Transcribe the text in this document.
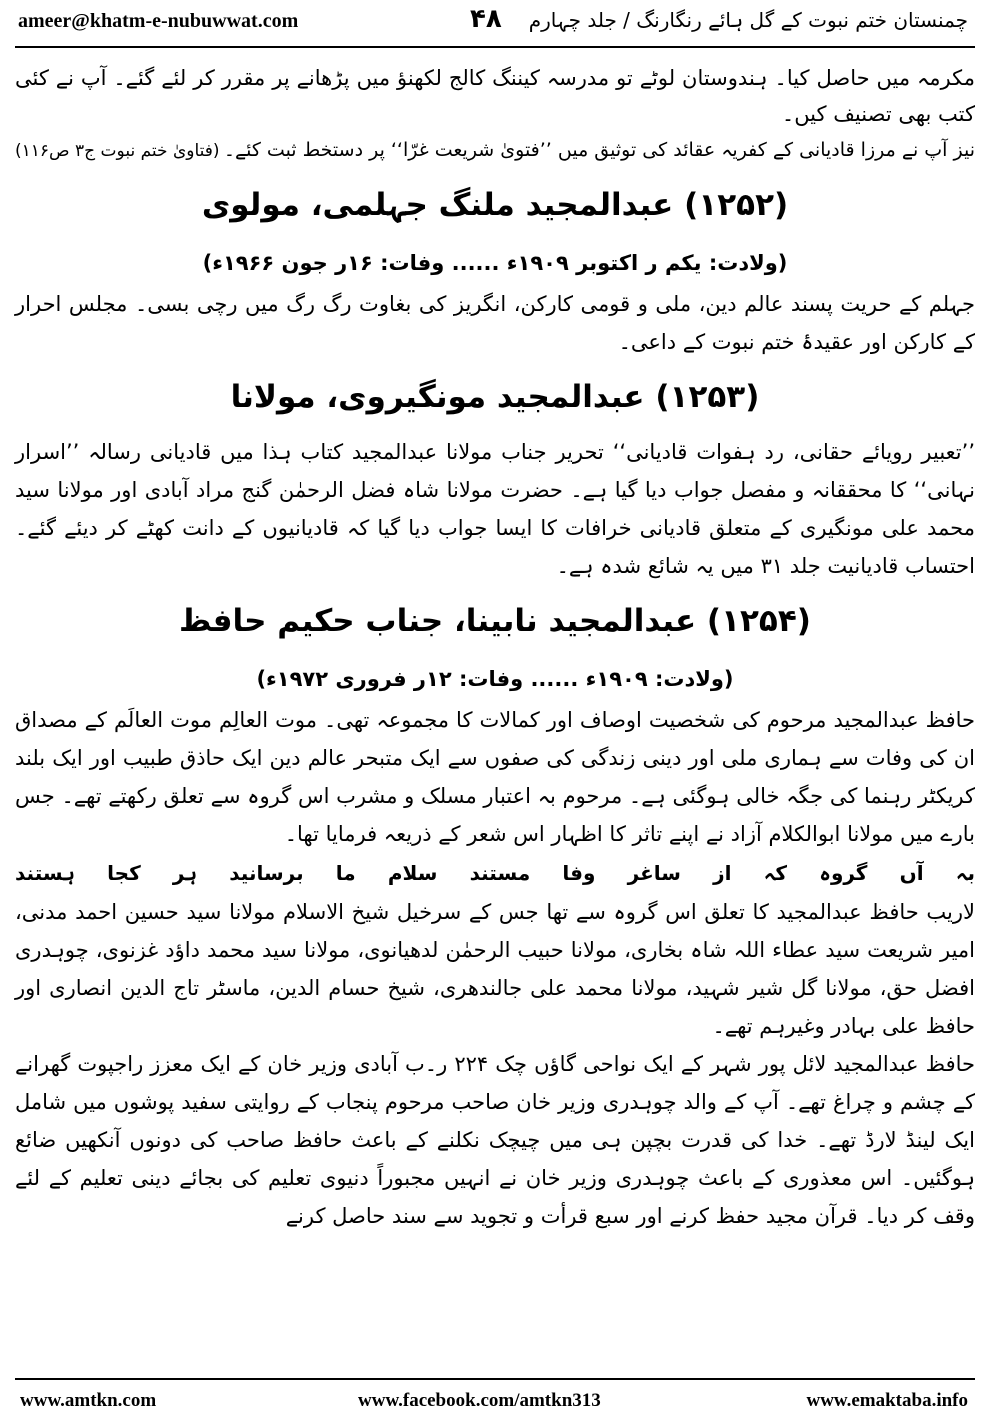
ameer@khatm-e-nubuwwat.com	۴۸ چمنستان ختم نبوت کے گل ہائے رنگارنگ / جلد چہارم

مکرمہ میں حاصل کیا۔ ہندوستان لوٹے تو مدرسہ کیننگ کالج لکھنؤ میں پڑھانے پر مقرر کر لئے گئے۔ آپ نے کئی کتب بھی تصنیف کیں۔

نیز آپ نے مرزا قادیانی کے کفریہ عقائد کی توثیق میں ’’فتویٰ شریعت غرّا‘‘ پر دستخط ثبت کئے۔
(فتاویٰ ختم نبوت ج۳ ص۱۱۶)
(۱۲۵۲) عبدالمجید ملنگ جہلمی، مولوی
(ولادت: یکم ر اکتوبر ۱۹۰۹ء ...... وفات: ۱۶ر جون ۱۹۶۶ء)

جہلم کے حریت پسند عالم دین، ملی و قومی کارکن، انگریز کی بغاوت رگ رگ میں رچی بسی۔ مجلس احرار کے کارکن اور عقیدۂ ختم نبوت کے داعی۔

(۱۲۵۳) عبدالمجید مونگیروی، مولانا

’’تعبیر رویائے حقانی، رد ہفوات قادیانی‘‘ تحریر جناب مولانا عبدالمجید کتاب ہذا میں قادیانی رسالہ ’’اسرار نہانی‘‘ کا محققانہ و مفصل جواب دیا گیا ہے۔ حضرت مولانا شاہ فضل الرحمٰن گنج مراد آبادی اور مولانا سید محمد علی مونگیری کے متعلق قادیانی خرافات کا ایسا جواب دیا گیا کہ قادیانیوں کے دانت کھٹے کر دیئے گئے۔ احتساب قادیانیت جلد ۳۱ میں یہ شائع شدہ ہے۔

(۱۲۵۴) عبدالمجید نابینا، جناب حکیم حافظ
(ولادت: ۱۹۰۹ء ...... وفات: ۱۲ر فروری ۱۹۷۲ء)

حافظ عبدالمجید مرحوم کی شخصیت اوصاف اور کمالات کا مجموعہ تھی۔ موت العالِم موت العالَم کے مصداق ان کی وفات سے ہماری ملی اور دینی زندگی کی صفوں سے ایک متبحر عالم دین ایک حاذق طبیب اور ایک بلند کریکٹر رہنما کی جگہ خالی ہوگئی ہے۔ مرحوم بہ اعتبار مسلک و مشرب اس گروہ سے تعلق رکھتے تھے۔ جس بارے میں مولانا ابوالکلام آزاد نے اپنے تاثر کا اظہار اس شعر کے ذریعہ فرمایا تھا۔

بہ
آں
گروہ
کہ
از
ساغر
وفا
مستند
سلام
ما
برسانید
ہر
کجا
ہستند

لاریب حافظ عبدالمجید کا تعلق اس گروہ سے تھا جس کے سرخیل شیخ الاسلام مولانا سید حسین احمد مدنی، امیر شریعت سید عطاء اللہ شاہ بخاری، مولانا حبیب الرحمٰن لدھیانوی، مولانا سید محمد داؤد غزنوی، چوہدری افضل حق، مولانا گل شیر شہید، مولانا محمد علی جالندھری، شیخ حسام الدین، ماسٹر تاج الدین انصاری اور حافظ علی بہادر وغیرہم تھے۔

حافظ عبدالمجید لائل پور شہر کے ایک نواحی گاؤں چک ۲۲۴ ر۔ب آبادی وزیر خان کے ایک معزز راجپوت گھرانے کے چشم و چراغ تھے۔ آپ کے والد چوہدری وزیر خان صاحب مرحوم پنجاب کے روایتی سفید پوشوں میں شامل ایک لینڈ لارڈ تھے۔ خدا کی قدرت بچپن ہی میں چیچک نکلنے کے باعث حافظ صاحب کی دونوں آنکھیں ضائع ہوگئیں۔ اس معذوری کے باعث چوہدری وزیر خان نے انہیں مجبوراً دنیوی تعلیم کی بجائے دینی تعلیم کے لئے وقف کر دیا۔ قرآن مجید حفظ کرنے اور سبع قرأت و تجوید سے سند حاصل کرنے

www.amtkn.com	www.facebook.com/amtkn313	www.emaktaba.info
